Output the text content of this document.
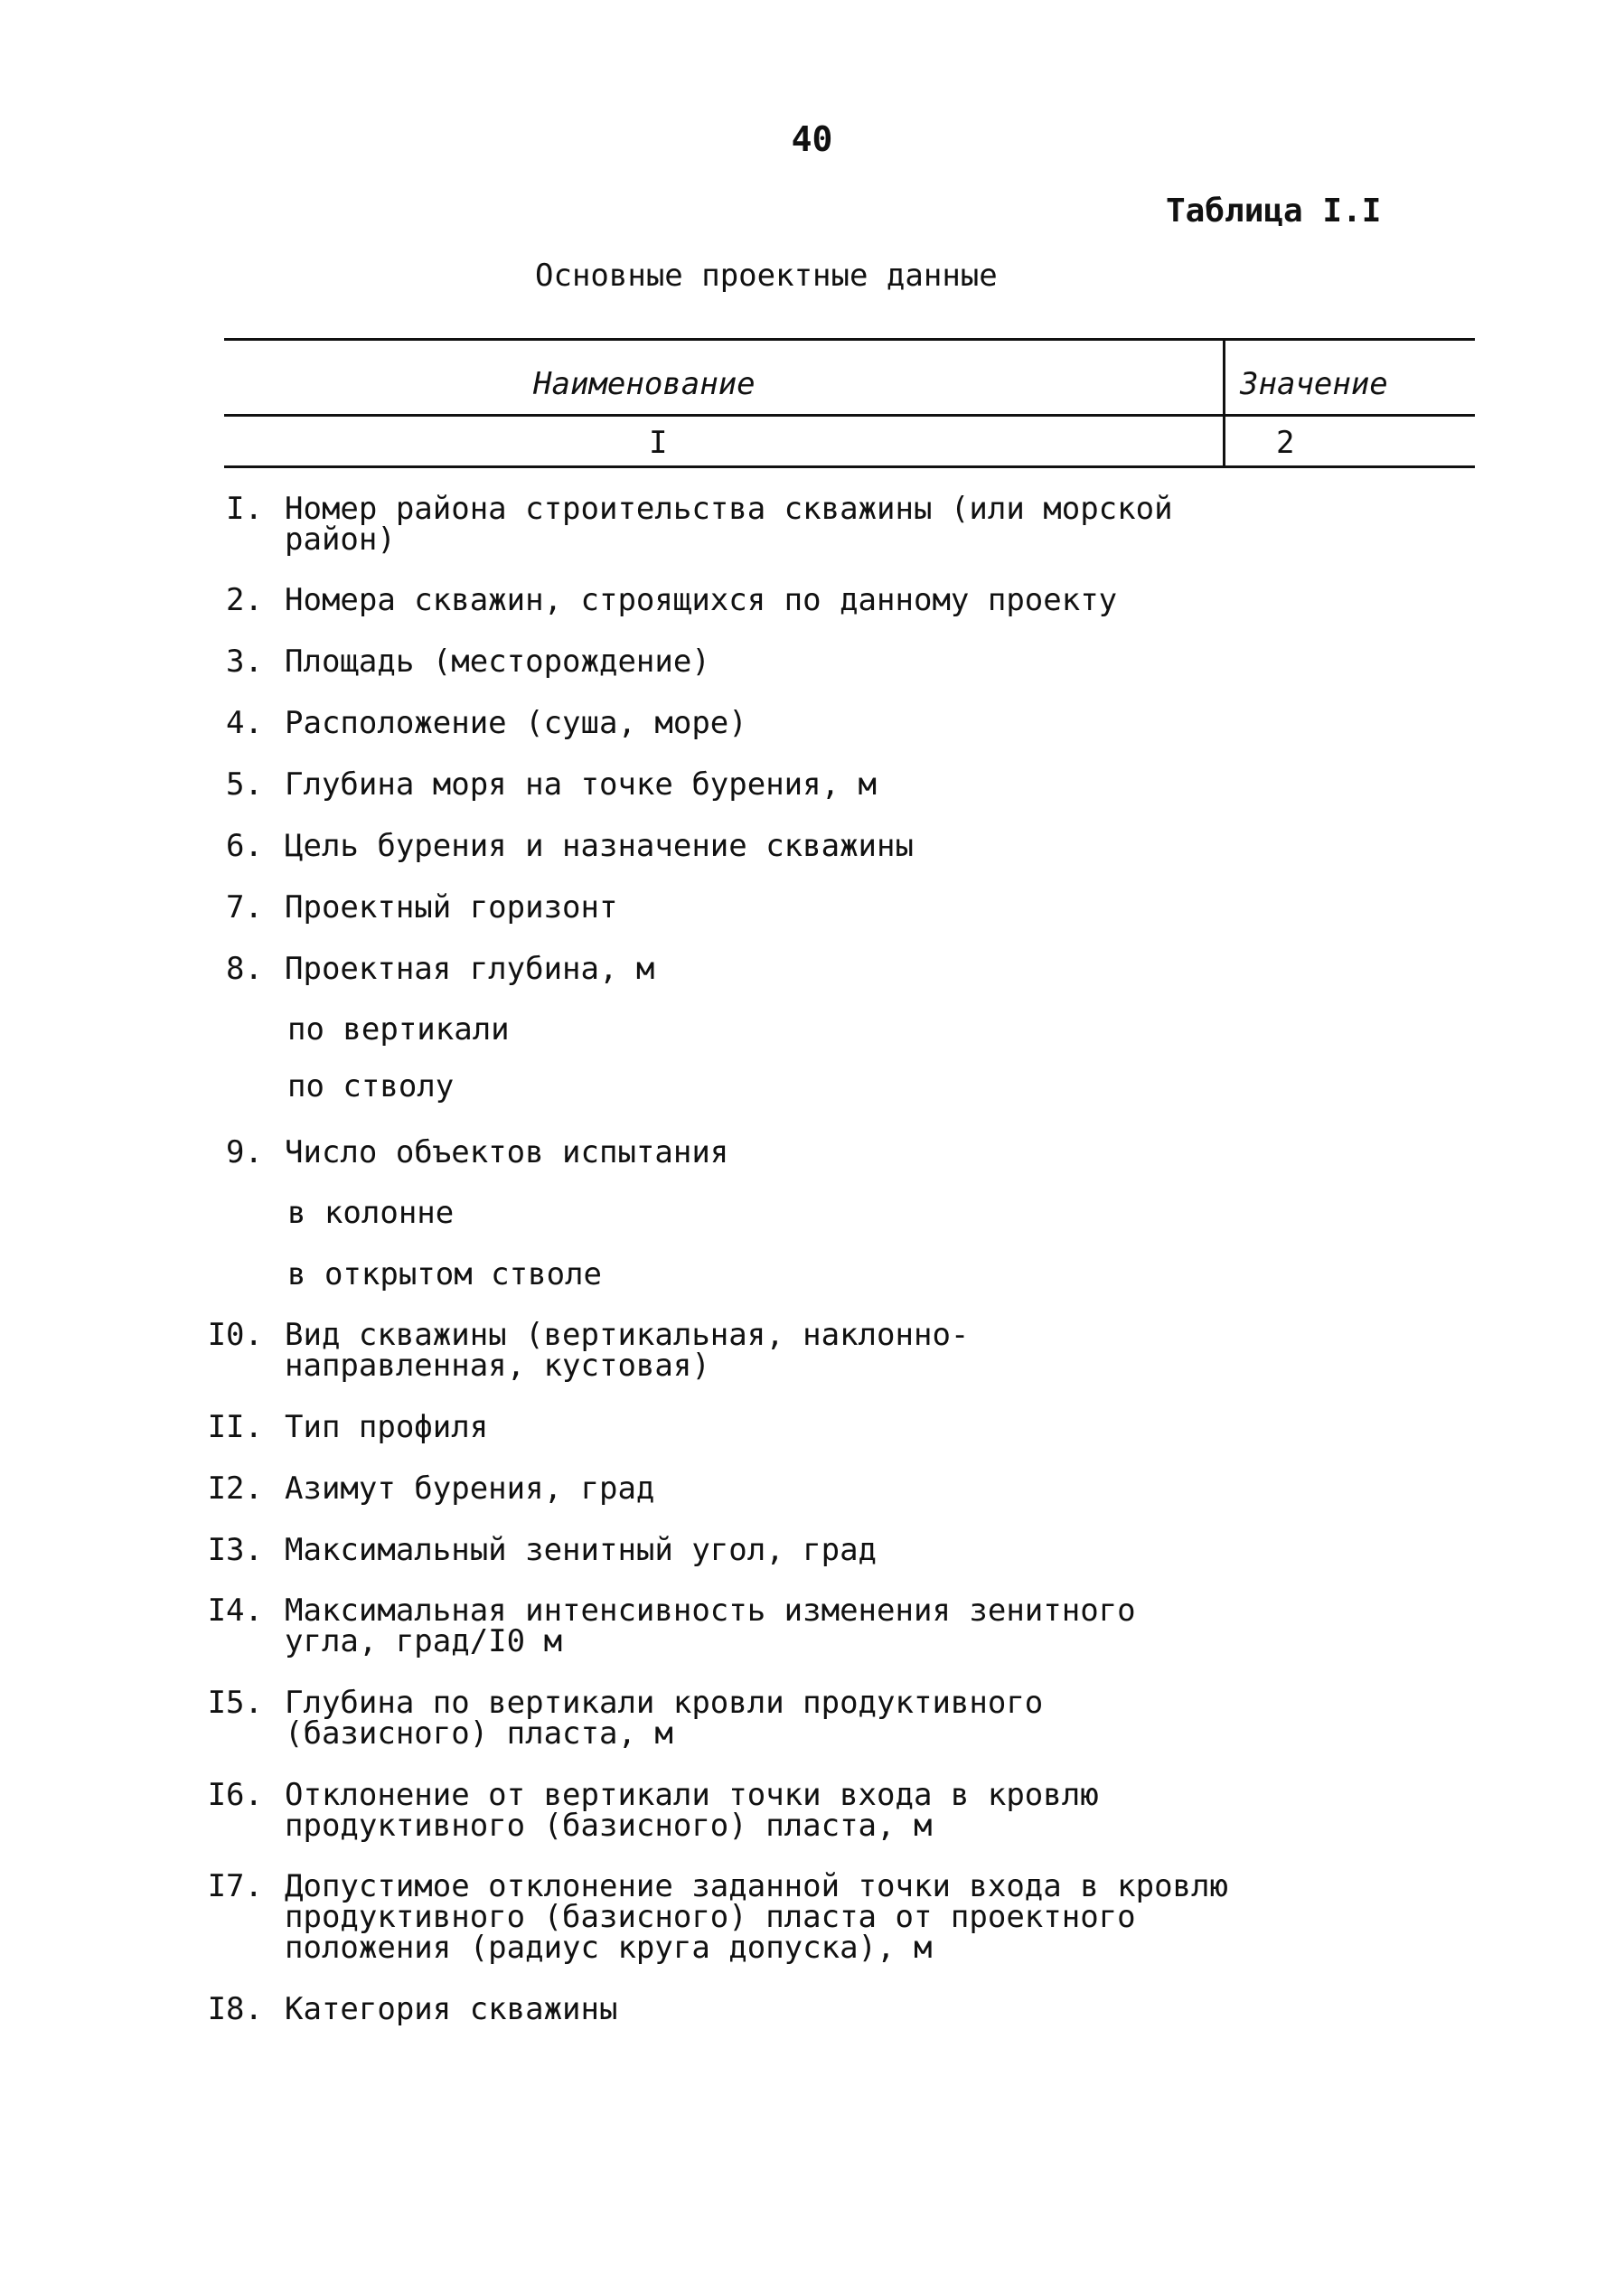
40
Таблица I.I
Основные проектные данные
Наименование	Значение
I	2
I. Номер района строительства скважины (или морской район)
2. Номера скважин, строящихся по данному проекту
3. Площадь (месторождение)
4. Расположение (суша, море)
5. Глубина моря на точке бурения, м
6. Цель бурения и назначение скважины
7. Проектный горизонт
8. Проектная глубина, м
по вертикали
по стволу
9. Число объектов испытания
в колонне
в открытом стволе
I0. Вид скважины (вертикальная, наклонно-направленная, кустовая)
II. Тип профиля
I2. Азимут бурения, град
I3. Максимальный зенитный угол, град
I4. Максимальная интенсивность изменения зенитного угла, град/I0 м
I5. Глубина по вертикали кровли продуктивного (базисного) пласта, м
I6. Отклонение от вертикали точки входа в кровлю продуктивного (базисного) пласта, м
I7. Допустимое отклонение заданной точки входа в кровлю продуктивного (базисного) пласта от проектного положения (радиус круга допуска), м
I8. Категория скважины
